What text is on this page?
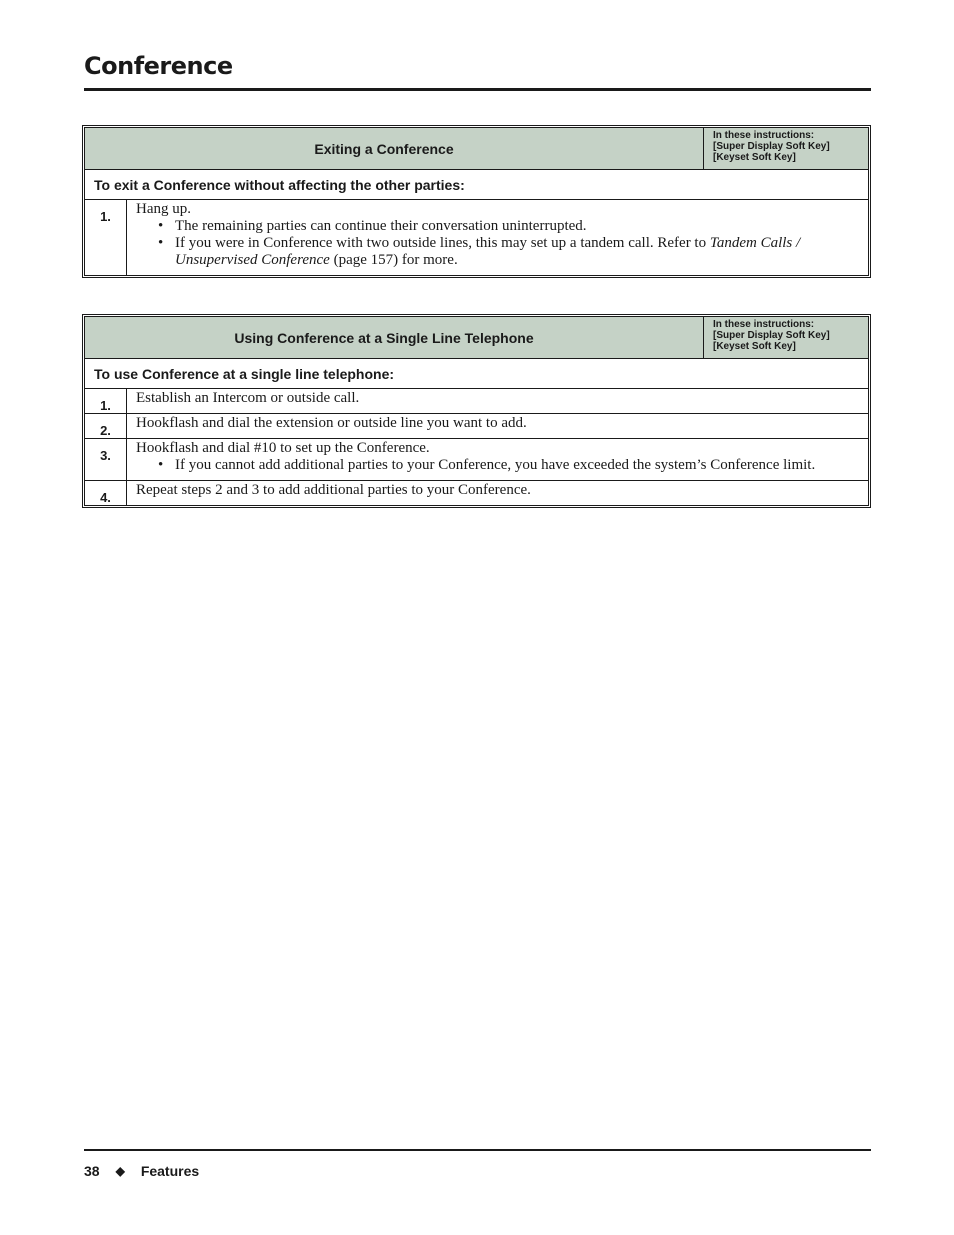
Conference
Exiting a Conference
In these instructions:
[Super Display Soft Key]
[Keyset Soft Key]
To exit a Conference without affecting the other parties:
1.	Hang up.
• The remaining parties can continue their conversation uninterrupted.
• If you were in Conference with two outside lines, this may set up a tandem call. Refer to Tandem Calls / Unsupervised Conference (page 157) for more.
Using Conference at a Single Line Telephone
In these instructions:
[Super Display Soft Key]
[Keyset Soft Key]
To use Conference at a single line telephone:
1.	Establish an Intercom or outside call.
2.	Hookflash and dial the extension or outside line you want to add.
3.	Hookflash and dial #10 to set up the Conference.
• If you cannot add additional parties to your Conference, you have exceeded the system’s Conference limit.
4.	Repeat steps 2 and 3 to add additional parties to your Conference.
38 ◆ Features
